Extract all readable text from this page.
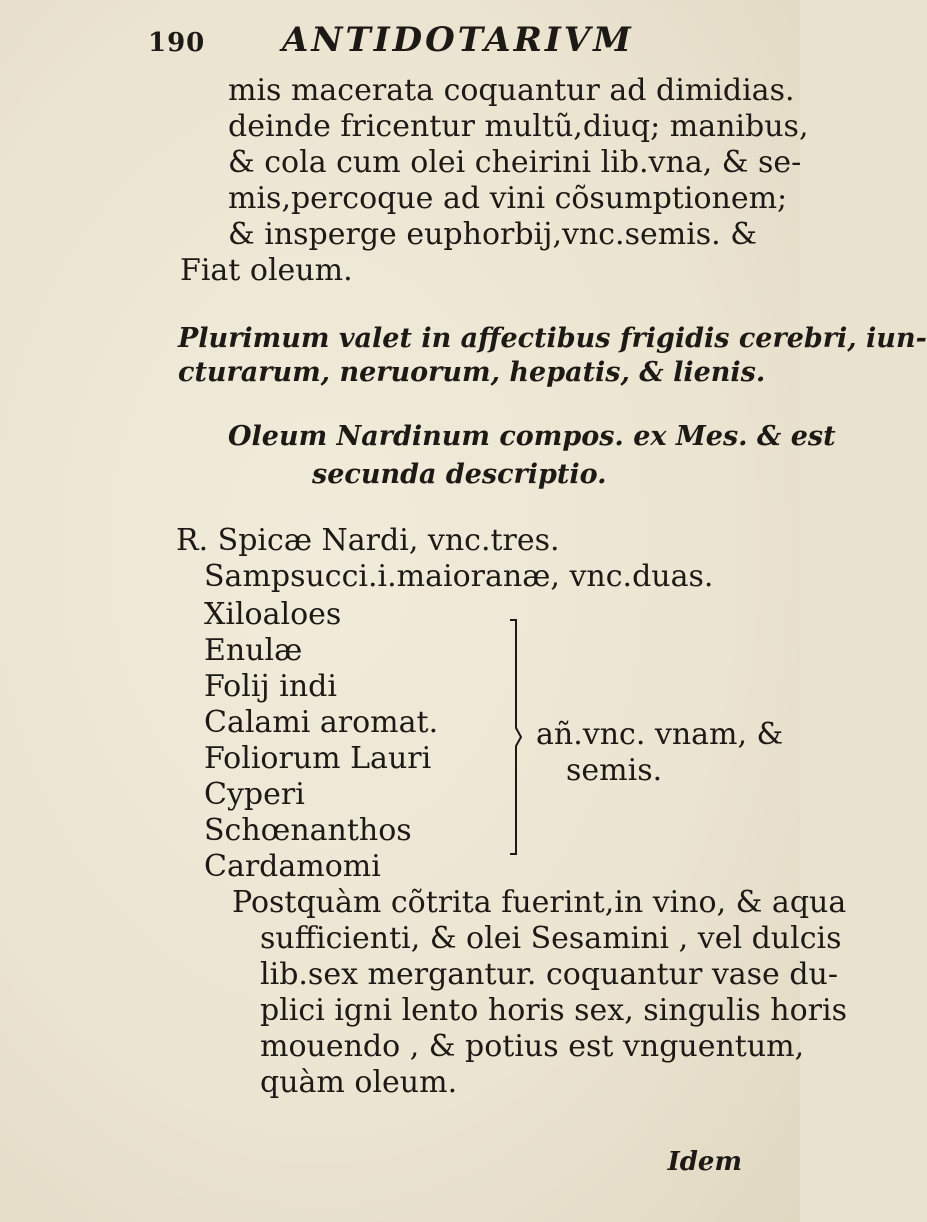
190 ANTIDOTARIVM
mis macerata coquantur ad dimidias.
deinde fricentur multũ,diuq; manibus,
& cola cum olei cheirini lib.vna, & se-
mis,percoque ad vini cõsumptionem;
& insperge euphorbij,vnc.semis. &
Fiat oleum.
Plurimum valet in affectibus frigidis cerebri, iun-
cturarum, neruorum, hepatis, & lienis.
Oleum Nardinum compos. ex Mes. & est
secunda descriptio.
R. Spicæ Nardi, vnc.tres.
Sampsucci.i.maioranæ, vnc.duas.
Xiloaloes
Enulæ
Folij indi
Calami aromat.
Foliorum Lauri
Cyperi
Schœnanthos
Cardamomi
añ.vnc. vnam, &
semis.
Postquàm cõtrita fuerint,in vino, & aqua
sufficienti, & olei Sesamini , vel dulcis
lib.sex mergantur. coquantur vase du-
plici igni lento horis sex, singulis horis
mouendo , & potius est vnguentum,
quàm oleum.
Idem
